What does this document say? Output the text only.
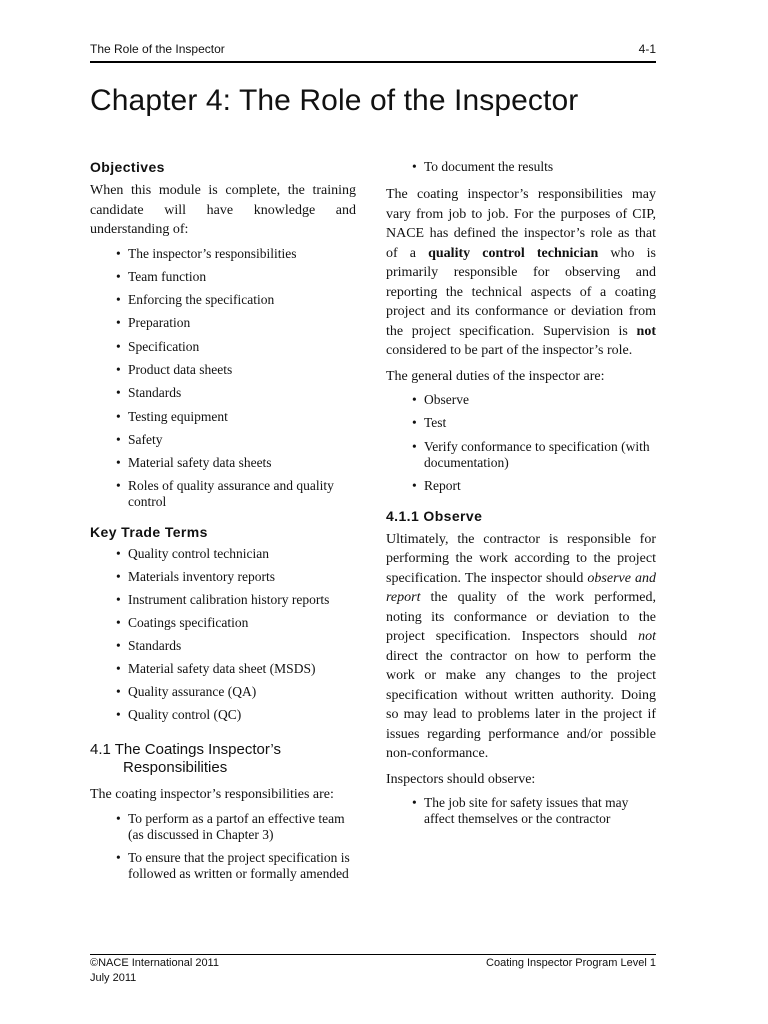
The Role of the Inspector	4-1
Chapter 4: The Role of the Inspector
Objectives

When this module is complete, the training candidate will have knowledge and understanding of:

• The inspector’s responsibilities
• Team function
• Enforcing the specification
• Preparation
• Specification
• Product data sheets
• Standards
• Testing equipment
• Safety
• Material safety data sheets
• Roles of quality assurance and quality control
Key Trade Terms
• Quality control technician
• Materials inventory reports
• Instrument calibration history reports
• Coatings specification
• Standards
• Material safety data sheet (MSDS)
• Quality assurance (QA)
• Quality control (QC)
4.1 The Coatings Inspector’s
Responsibilities

The coating inspector’s responsibilities are:

• To perform as a partof an effective team (as discussed in Chapter 3)
• To ensure that the project specification is followed as written or formally amended
• To document the results

The coating inspector’s responsibilities may vary from job to job. For the purposes of CIP, NACE has defined the inspector’s role as that of a quality control technician who is primarily responsible for observing and reporting the technical aspects of a coating project and its conformance or deviation from the project specification. Supervision is not considered to be part of the inspector’s role.

The general duties of the inspector are:

• Observe
• Test
• Verify conformance to specification (with documentation)
• Report
4.1.1 Observe

Ultimately, the contractor is responsible for performing the work according to the project specification. The inspector should observe and report the quality of the work performed, noting its conformance or deviation to the project specification. Inspectors should not direct the contractor on how to perform the work or make any changes to the project specification without written authority. Doing so may lead to problems later in the project if issues regarding performance and/or possible non-conformance.

Inspectors should observe:

• The job site for safety issues that may affect themselves or the contractor
©NACE International 2011
July 2011
Coating Inspector Program Level 1
